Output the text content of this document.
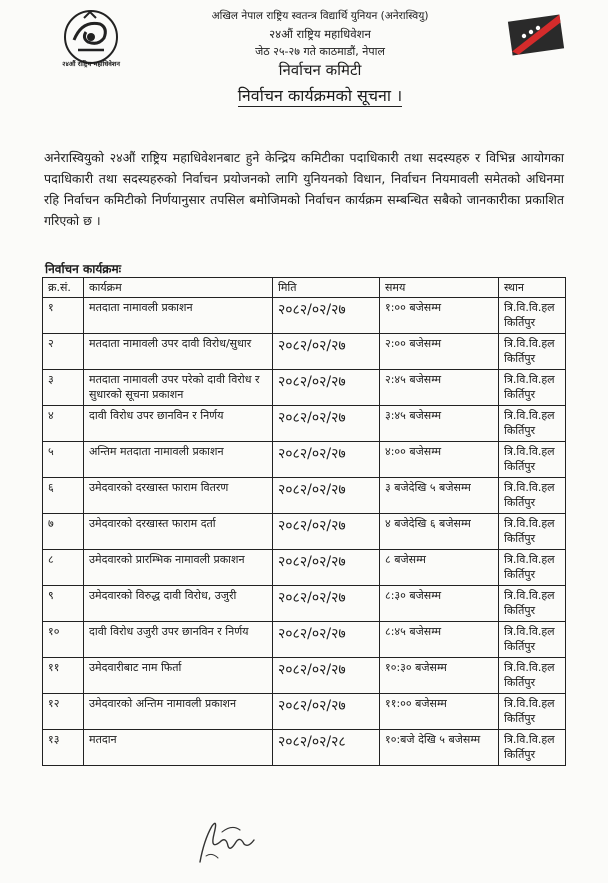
२४औं राष्ट्रिय महाधिवेशन
अखिल नेपाल राष्ट्रिय स्वतन्त्र विद्यार्थि युनियन (अनेरास्वियु)
२४औं राष्ट्रिय महाधिवेशन
जेठ २५-२७ गते काठमाडौं, नेपाल
निर्वाचन कमिटी
निर्वाचन कार्यक्रमको सूचना ।
अनेरास्वियुको २४औं राष्ट्रिय महाधिवेशनबाट हुने केन्द्रिय कमिटीका पदाधिकारी तथा सदस्यहरु र विभिन्न आयोगका पदाधिकारी तथा सदस्यहरुको निर्वाचन प्रयोजनको लागि युनियनको विधान, निर्वाचन नियमावली समेतको अधिनमा रहि निर्वाचन कमिटीको निर्णयानुसार तपसिल बमोजिमको निर्वाचन कार्यक्रम सम्बन्धित सबैको जानकारीका प्रकाशित गरिएको छ ।
निर्वाचन कार्यक्रमः
क्र.सं.	कार्यक्रम	मिति	समय	स्थान
१	मतदाता नामावली प्रकाशन	२०८२/०२/२७	१:०० बजेसम्म	त्रि.वि.वि.हल
किर्तिपुर

२	मतदाता नामावली उपर दावी विरोध/सुधार	२०८२/०२/२७	२:०० बजेसम्म	त्रि.वि.वि.हल
किर्तिपुर

३	मतदाता नामावली उपर परेको दावी विरोध र सुधारको सूचना प्रकाशन	२०८२/०२/२७	२:४५ बजेसम्म	त्रि.वि.वि.हल
किर्तिपुर

४	दावी विरोध उपर छानविन र निर्णय	२०८२/०२/२७	३:४५ बजेसम्म	त्रि.वि.वि.हल
किर्तिपुर

५	अन्तिम मतदाता नामावली प्रकाशन	२०८२/०२/२७	४:०० बजेसम्म	त्रि.वि.वि.हल
किर्तिपुर

६	उमेदवारको दरखास्त फाराम वितरण	२०८२/०२/२७	३ बजेदेखि ५ बजेसम्म	त्रि.वि.वि.हल
किर्तिपुर

७	उमेदवारको दरखास्त फाराम दर्ता	२०८२/०२/२७	४ बजेदेखि ६ बजेसम्म	त्रि.वि.वि.हल
किर्तिपुर

८	उमेदवारको प्रारम्भिक नामावली प्रकाशन	२०८२/०२/२७	८ बजेसम्म	त्रि.वि.वि.हल
किर्तिपुर

९	उमेदवारको विरुद्ध दावी विरोध, उजुरी	२०८२/०२/२७	८:३० बजेसम्म	त्रि.वि.वि.हल
किर्तिपुर

१०	दावी विरोध उजुरी उपर छानविन र निर्णय	२०८२/०२/२७	८:४५ बजेसम्म	त्रि.वि.वि.हल
किर्तिपुर

११	उमेदवारीबाट नाम फिर्ता	२०८२/०२/२७	१०:३० बजेसम्म	त्रि.वि.वि.हल
किर्तिपुर

१२	उमेदवारको अन्तिम नामावली प्रकाशन	२०८२/०२/२७	११:०० बजेसम्म	त्रि.वि.वि.हल
किर्तिपुर

१३	मतदान	२०८२/०२/२८	१०:बजे देखि ५ बजेसम्म	त्रि.वि.वि.हल
किर्तिपुर
